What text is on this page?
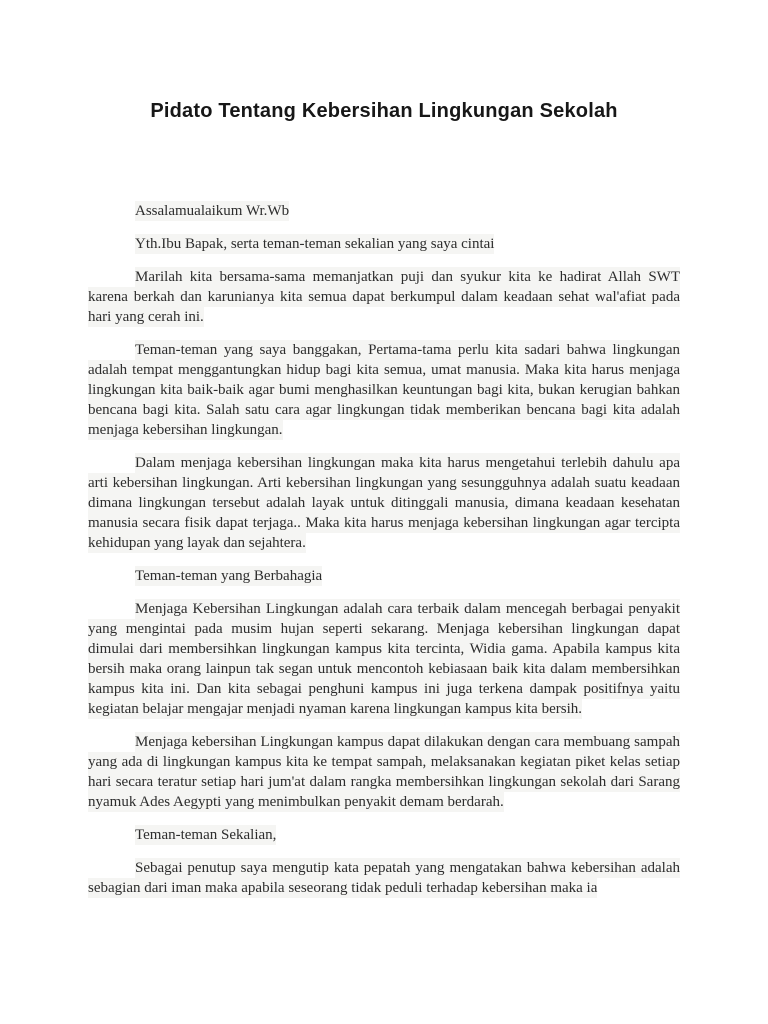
Pidato Tentang Kebersihan Lingkungan Sekolah

Assalamualaikum Wr.Wb

Yth.Ibu Bapak, serta teman-teman sekalian yang saya cintai

Marilah kita bersama-sama memanjatkan puji dan syukur kita ke hadirat Allah SWT karena berkah dan karunianya kita semua dapat berkumpul dalam keadaan sehat wal'afiat pada hari yang cerah ini.

Teman-teman yang saya banggakan, Pertama-tama perlu kita sadari bahwa lingkungan adalah tempat menggantungkan hidup bagi kita semua, umat manusia. Maka kita harus menjaga lingkungan kita baik-baik agar bumi menghasilkan keuntungan bagi kita, bukan kerugian bahkan bencana bagi kita. Salah satu cara agar lingkungan tidak memberikan bencana bagi kita adalah menjaga kebersihan lingkungan.

Dalam menjaga kebersihan lingkungan maka kita harus mengetahui terlebih dahulu apa arti kebersihan lingkungan. Arti kebersihan lingkungan yang sesungguhnya adalah suatu keadaan dimana lingkungan tersebut adalah layak untuk ditinggali manusia, dimana keadaan kesehatan manusia secara fisik dapat terjaga.. Maka kita harus menjaga kebersihan lingkungan agar tercipta kehidupan yang layak dan sejahtera.

Teman-teman yang Berbahagia

Menjaga Kebersihan Lingkungan adalah cara terbaik dalam mencegah berbagai penyakit yang mengintai pada musim hujan seperti sekarang. Menjaga kebersihan lingkungan dapat dimulai dari membersihkan lingkungan kampus kita tercinta, Widia gama. Apabila kampus kita bersih maka orang lainpun tak segan untuk mencontoh kebiasaan baik kita dalam membersihkan kampus kita ini. Dan kita sebagai penghuni kampus ini juga terkena dampak positifnya yaitu kegiatan belajar mengajar menjadi nyaman karena lingkungan kampus kita bersih.

Menjaga kebersihan Lingkungan kampus dapat dilakukan dengan cara membuang sampah yang ada di lingkungan kampus kita ke tempat sampah, melaksanakan kegiatan piket kelas setiap hari secara teratur setiap hari jum'at dalam rangka membersihkan lingkungan sekolah dari Sarang nyamuk Ades Aegypti yang menimbulkan penyakit demam berdarah.

Teman-teman Sekalian,

Sebagai penutup saya mengutip kata pepatah yang mengatakan bahwa kebersihan adalah sebagian dari iman maka apabila seseorang tidak peduli terhadap kebersihan maka ia
